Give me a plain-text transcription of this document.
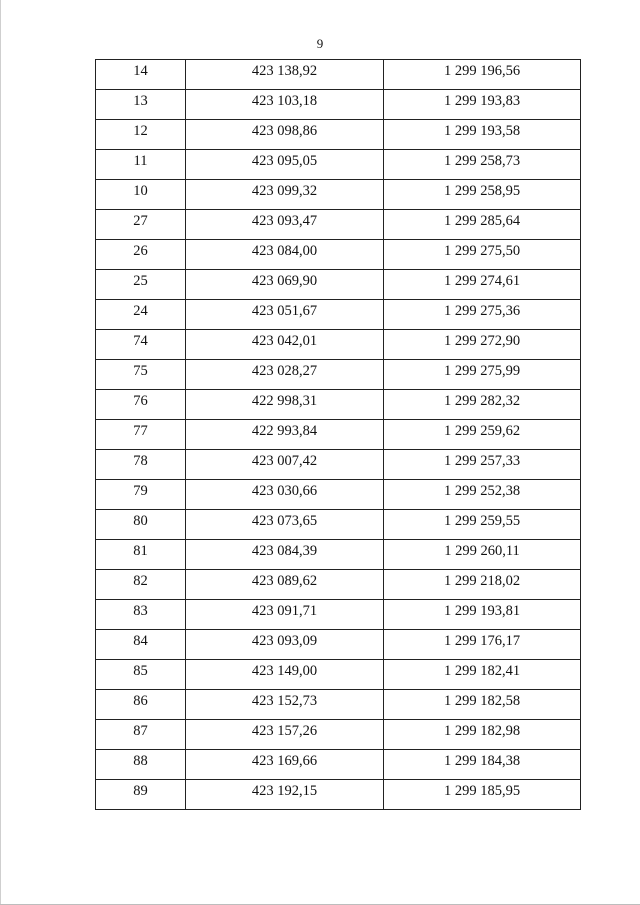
9
14	423 138,92	1 299 196,56
13	423 103,18	1 299 193,83
12	423 098,86	1 299 193,58
11	423 095,05	1 299 258,73
10	423 099,32	1 299 258,95
27	423 093,47	1 299 285,64
26	423 084,00	1 299 275,50
25	423 069,90	1 299 274,61
24	423 051,67	1 299 275,36
74	423 042,01	1 299 272,90
75	423 028,27	1 299 275,99
76	422 998,31	1 299 282,32
77	422 993,84	1 299 259,62
78	423 007,42	1 299 257,33
79	423 030,66	1 299 252,38
80	423 073,65	1 299 259,55
81	423 084,39	1 299 260,11
82	423 089,62	1 299 218,02
83	423 091,71	1 299 193,81
84	423 093,09	1 299 176,17
85	423 149,00	1 299 182,41
86	423 152,73	1 299 182,58
87	423 157,26	1 299 182,98
88	423 169,66	1 299 184,38
89	423 192,15	1 299 185,95
